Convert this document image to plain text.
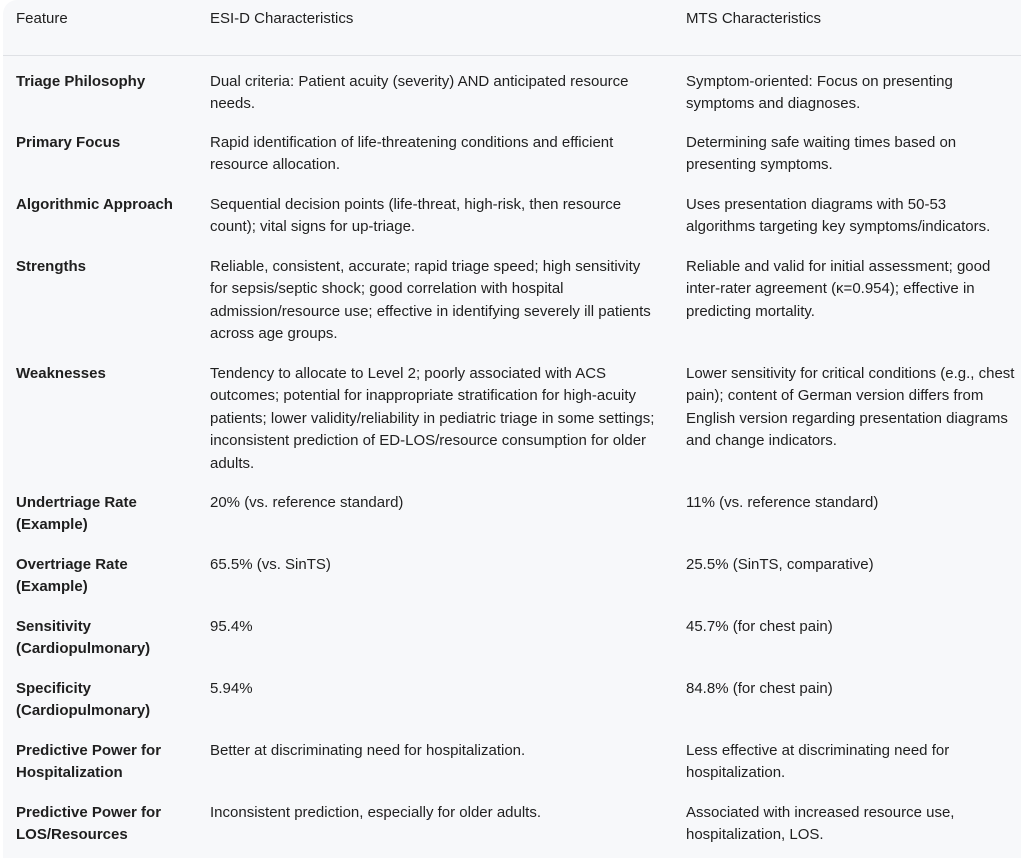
Feature	ESI-D Characteristics	MTS Characteristics
Triage Philosophy	Dual criteria: Patient acuity (severity) AND anticipated resource needs.	Symptom-oriented: Focus on presenting symptoms and diagnoses.
Primary Focus	Rapid identification of life-threatening conditions and efficient resource allocation.	Determining safe waiting times based on presenting symptoms.
Algorithmic Approach	Sequential decision points (life-threat, high-risk, then resource count); vital signs for up-triage.	Uses presentation diagrams with 50-53 algorithms targeting key symptoms/indicators.
Strengths	Reliable, consistent, accurate; rapid triage speed; high sensitivity for sepsis/septic shock; good correlation with hospital admission/resource use; effective in identifying severely ill patients across age groups.	Reliable and valid for initial assessment; good inter-rater agreement (κ=0.954); effective in predicting mortality.
Weaknesses	Tendency to allocate to Level 2; poorly associated with ACS outcomes; potential for inappropriate stratification for high-acuity patients; lower validity/reliability in pediatric triage in some settings; inconsistent prediction of ED-LOS/resource consumption for older adults.	Lower sensitivity for critical conditions (e.g., chest pain); content of German version differs from English version regarding presentation diagrams and change indicators.
Undertriage Rate (Example)	20% (vs. reference standard)	11% (vs. reference standard)
Overtriage Rate (Example)	65.5% (vs. SinTS)	25.5% (SinTS, comparative)
Sensitivity (Cardiopulmonary)	95.4%	45.7% (for chest pain)
Specificity (Cardiopulmonary)	5.94%	84.8% (for chest pain)
Predictive Power for Hospitalization	Better at discriminating need for hospitalization.	Less effective at discriminating need for hospitalization.
Predictive Power for LOS/Resources	Inconsistent prediction, especially for older adults.	Associated with increased resource use, hospitalization, LOS.
